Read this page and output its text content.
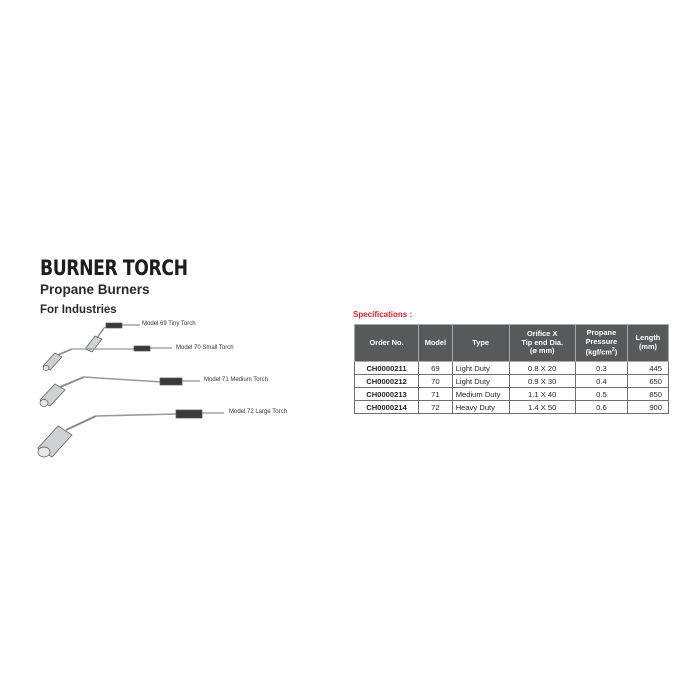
BURNER TORCH
Propane Burners
For Industries
Model 69 Tiny Torch
Model 70 Small Torch
Model 71 Medium Torch
Model 72 Large Torch
Specifications :
Order No.	Model	Type	Orifice X
Tip end Dia.
(ø mm)	Propane
Pressure
$(kgf/cm^2)$	Length
(mm)

CH0000211	69	Light Duty	0.8 X 20	0.3	445
CH0000212	70	Light Duty	0.9 X 30	0.4	650
CH0000213	71	Medium Duty	1.1 X 40	0.5	850
CH0000214	72	Heavy Duty	1.4 X 50	0.6	900
